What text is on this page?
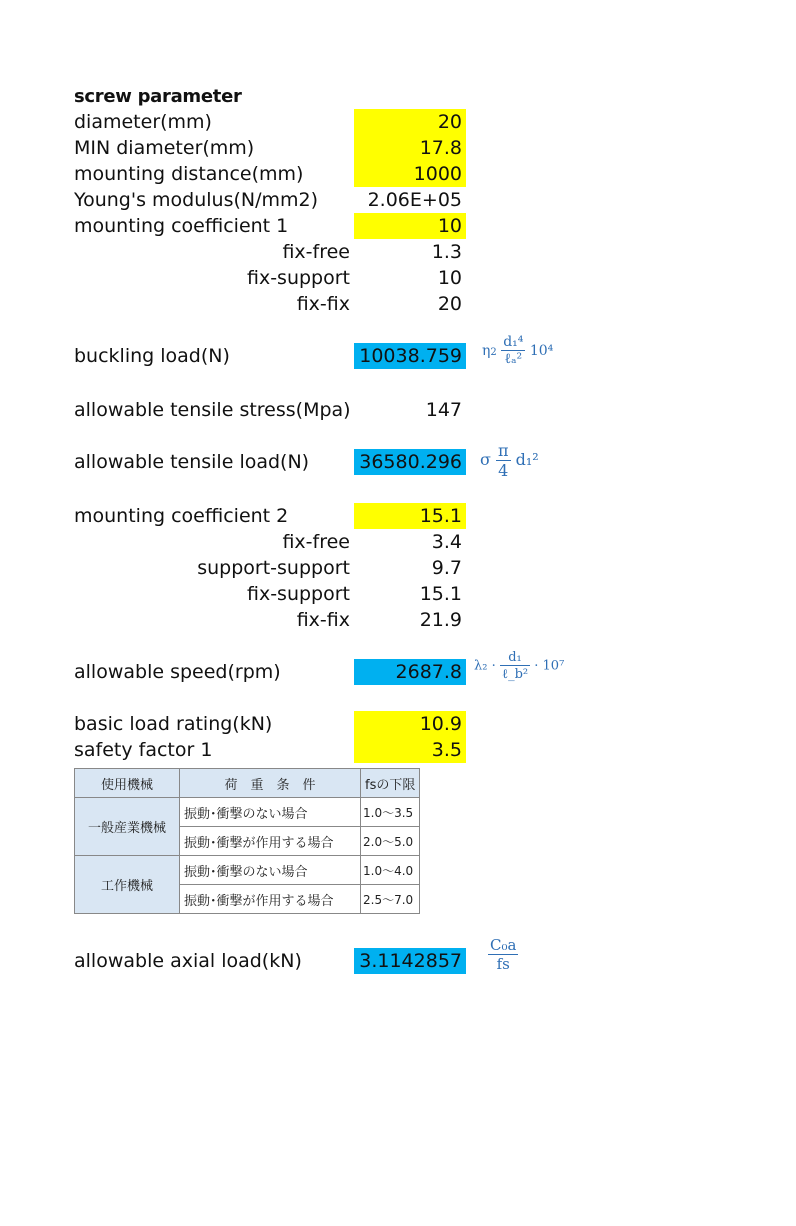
screw parameter
diameter(mm)	20
MIN diameter(mm)	17.8
mounting distance(mm)	1000
Young's modulus(N/mm2)	2.06E+05
mounting coefficient 1	10
fix-free	1.3
fix-support	10
fix-fix	20
buckling load(N)	10038.759 $\eta 2 \frac{\text{d₁⁴}}{\text{ℓₐ²}} 10^4$
allowable tensile stress(Mpa)	147
allowable tensile load(N)	36580.296 σ $\frac{\pi}{4} d_1^2$
mounting coefficient 2	15.1
fix-free	3.4
support-support	9.7
fix-support	15.1
fix-fix	21.9
allowable speed(rpm)	2687.8 $\lambda_2 \cdot \frac{\text{d₁}}{\text{ℓ\_b²}} \cdot 10^7$
basic load rating(kN)	10.9
safety factor 1	3.5
使用機械	荷　重　条　件	fsの下限
一般産業機械	振動･衝撃のない場合	1.0～3.5
	振動･衝撃が作用する場合	2.0～5.0
工作機械	振動･衝撃のない場合	1.0～4.0
	振動･衝撃が作用する場合	2.5～7.0
allowable axial load(kN)	$3.1142857 \frac{\text{C₀a}}{fs}$
